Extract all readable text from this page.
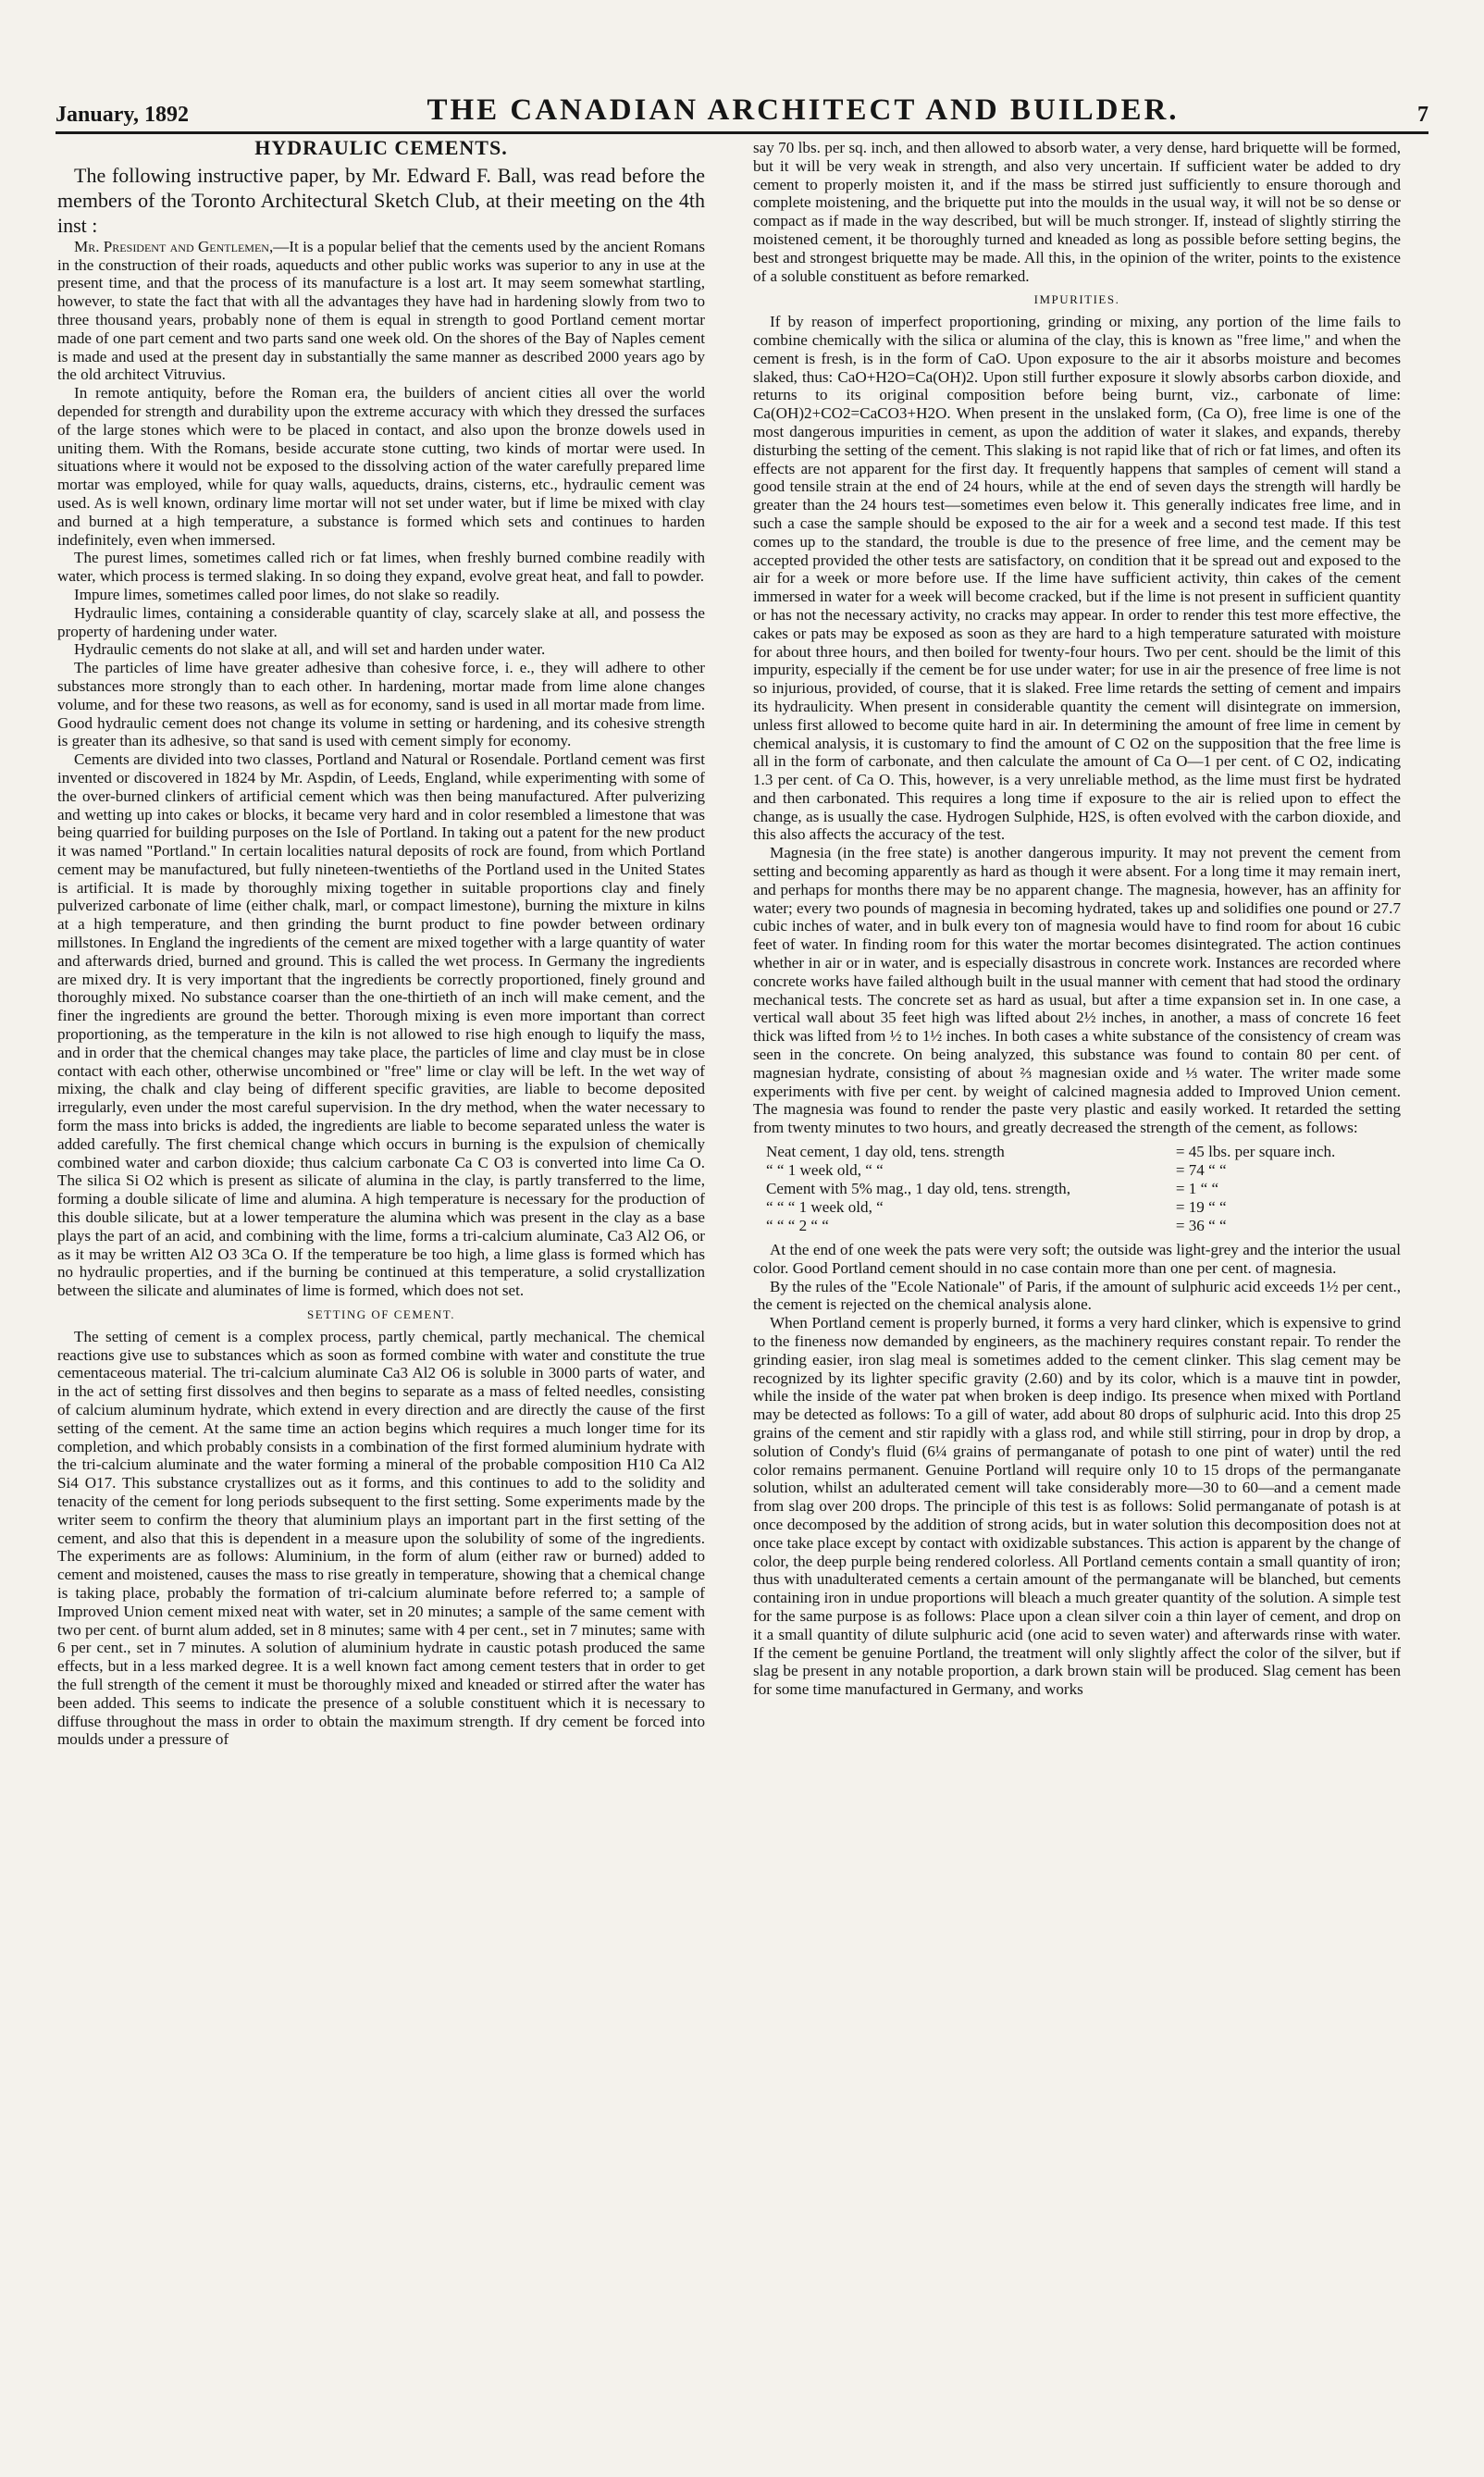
January, 1892	THE CANADIAN ARCHITECT AND BUILDER.	7
HYDRAULIC CEMENTS.

The following instructive paper, by Mr. Edward F. Ball, was read before the members of the Toronto Architectural Sketch Club, at their meeting on the 4th inst :

Mr. President and Gentlemen,—It is a popular belief that the cements used by the ancient Romans in the construction of their roads, aqueducts and other public works was superior to any in use at the present time, and that the process of its manufacture is a lost art. It may seem somewhat startling, however, to state the fact that with all the advantages they have had in hardening slowly from two to three thousand years, probably none of them is equal in strength to good Portland cement mortar made of one part cement and two parts sand one week old. On the shores of the Bay of Naples cement is made and used at the present day in substantially the same manner as described 2000 years ago by the old architect Vitruvius.

In remote antiquity, before the Roman era, the builders of ancient cities all over the world depended for strength and durability upon the extreme accuracy with which they dressed the surfaces of the large stones which were to be placed in contact, and also upon the bronze dowels used in uniting them. With the Romans, beside accurate stone cutting, two kinds of mortar were used. In situations where it would not be exposed to the dissolving action of the water carefully prepared lime mortar was employed, while for quay walls, aqueducts, drains, cisterns, etc., hydraulic cement was used. As is well known, ordinary lime mortar will not set under water, but if lime be mixed with clay and burned at a high temperature, a substance is formed which sets and continues to harden indefinitely, even when immersed.

The purest limes, sometimes called rich or fat limes, when freshly burned combine readily with water, which process is termed slaking. In so doing they expand, evolve great heat, and fall to powder.

Impure limes, sometimes called poor limes, do not slake so readily.

Hydraulic limes, containing a considerable quantity of clay, scarcely slake at all, and possess the property of hardening under water.

Hydraulic cements do not slake at all, and will set and harden under water.

The particles of lime have greater adhesive than cohesive force, i. e., they will adhere to other substances more strongly than to each other. In hardening, mortar made from lime alone changes volume, and for these two reasons, as well as for economy, sand is used in all mortar made from lime. Good hydraulic cement does not change its volume in setting or hardening, and its cohesive strength is greater than its adhesive, so that sand is used with cement simply for economy.

Cements are divided into two classes, Portland and Natural or Rosendale. Portland cement was first invented or discovered in 1824 by Mr. Aspdin, of Leeds, England, while experimenting with some of the over-burned clinkers of artificial cement which was then being manufactured. After pulverizing and wetting up into cakes or blocks, it became very hard and in color resembled a limestone that was being quarried for building purposes on the Isle of Portland. In taking out a patent for the new product it was named "Portland." In certain localities natural deposits of rock are found, from which Portland cement may be manufactured, but fully nineteen-twentieths of the Portland used in the United States is artificial. It is made by thoroughly mixing together in suitable proportions clay and finely pulverized carbonate of lime (either chalk, marl, or compact limestone), burning the mixture in kilns at a high temperature, and then grinding the burnt product to fine powder between ordinary millstones. In England the ingredients of the cement are mixed together with a large quantity of water and afterwards dried, burned and ground. This is called the wet process. In Germany the ingredients are mixed dry. It is very important that the ingredients be correctly proportioned, finely ground and thoroughly mixed. No substance coarser than the one-thirtieth of an inch will make cement, and the finer the ingredients are ground the better. Thorough mixing is even more important than correct proportioning, as the temperature in the kiln is not allowed to rise high enough to liquify the mass, and in order that the chemical changes may take place, the particles of lime and clay must be in close contact with each other, otherwise uncombined or "free" lime or clay will be left. In the wet way of mixing, the chalk and clay being of different specific gravities, are liable to become deposited irregularly, even under the most careful supervision. In the dry method, when the water necessary to form the mass into bricks is added, the ingredients are liable to become separated unless the water is added carefully. The first chemical change which occurs in burning is the expulsion of chemically combined water and carbon dioxide; thus calcium carbonate Ca C O3 is converted into lime Ca O. The silica Si O2 which is present as silicate of alumina in the clay, is partly transferred to the lime, forming a double silicate of lime and alumina. A high temperature is necessary for the production of this double silicate, but at a lower temperature the alumina which was present in the clay as a base plays the part of an acid, and combining with the lime, forms a tri-calcium aluminate, Ca3 Al2 O6, or as it may be written Al2 O3 3Ca O. If the temperature be too high, a lime glass is formed which has no hydraulic properties, and if the burning be continued at this temperature, a solid crystallization between the silicate and aluminates of lime is formed, which does not set.

SETTING OF CEMENT.

The setting of cement is a complex process, partly chemical, partly mechanical. The chemical reactions give use to substances which as soon as formed combine with water and constitute the true cementaceous material. The tri-calcium aluminate Ca3 Al2 O6 is soluble in 3000 parts of water, and in the act of setting first dissolves and then begins to separate as a mass of felted needles, consisting of calcium aluminum hydrate, which extend in every direction and are directly the cause of the first setting of the cement. At the same time an action begins which requires a much longer time for its completion, and which probably consists in a combination of the first formed aluminium hydrate with the tri-calcium aluminate and the water forming a mineral of the probable composition H10 Ca Al2 Si4 O17. This substance crystallizes out as it forms, and this continues to add to the solidity and tenacity of the cement for long periods subsequent to the first setting. Some experiments made by the writer seem to confirm the theory that aluminium plays an important part in the first setting of the cement, and also that this is dependent in a measure upon the solubility of some of the ingredients. The experiments are as follows: Aluminium, in the form of alum (either raw or burned) added to cement and moistened, causes the mass to rise greatly in temperature, showing that a chemical change is taking place, probably the formation of tri-calcium aluminate before referred to; a sample of Improved Union cement mixed neat with water, set in 20 minutes; a sample of the same cement with two per cent. of burnt alum added, set in 8 minutes; same with 4 per cent., set in 7 minutes; same with 6 per cent., set in 7 minutes. A solution of aluminium hydrate in caustic potash produced the same effects, but in a less marked degree. It is a well known fact among cement testers that in order to get the full strength of the cement it must be thoroughly mixed and kneaded or stirred after the water has been added. This seems to indicate the presence of a soluble constituent which it is necessary to diffuse throughout the mass in order to obtain the maximum strength. If dry cement be forced into moulds under a pressure of

say 70 lbs. per sq. inch, and then allowed to absorb water, a very dense, hard briquette will be formed, but it will be very weak in strength, and also very uncertain. If sufficient water be added to dry cement to properly moisten it, and if the mass be stirred just sufficiently to ensure thorough and complete moistening, and the briquette put into the moulds in the usual way, it will not be so dense or compact as if made in the way described, but will be much stronger. If, instead of slightly stirring the moistened cement, it be thoroughly turned and kneaded as long as possible before setting begins, the best and strongest briquette may be made. All this, in the opinion of the writer, points to the existence of a soluble constituent as before remarked.

IMPURITIES.

If by reason of imperfect proportioning, grinding or mixing, any portion of the lime fails to combine chemically with the silica or alumina of the clay, this is known as "free lime," and when the cement is fresh, is in the form of CaO. Upon exposure to the air it absorbs moisture and becomes slaked, thus: CaO+H2O=Ca(OH)2. Upon still further exposure it slowly absorbs carbon dioxide, and returns to its original composition before being burnt, viz., carbonate of lime: Ca(OH)2+CO2=CaCO3+H2O. When present in the unslaked form, (Ca O), free lime is one of the most dangerous impurities in cement, as upon the addition of water it slakes, and expands, thereby disturbing the setting of the cement. This slaking is not rapid like that of rich or fat limes, and often its effects are not apparent for the first day. It frequently happens that samples of cement will stand a good tensile strain at the end of 24 hours, while at the end of seven days the strength will hardly be greater than the 24 hours test—sometimes even below it. This generally indicates free lime, and in such a case the sample should be exposed to the air for a week and a second test made. If this test comes up to the standard, the trouble is due to the presence of free lime, and the cement may be accepted provided the other tests are satisfactory, on condition that it be spread out and exposed to the air for a week or more before use. If the lime have sufficient activity, thin cakes of the cement immersed in water for a week will become cracked, but if the lime is not present in sufficient quantity or has not the necessary activity, no cracks may appear. In order to render this test more effective, the cakes or pats may be exposed as soon as they are hard to a high temperature saturated with moisture for about three hours, and then boiled for twenty-four hours. Two per cent. should be the limit of this impurity, especially if the cement be for use under water; for use in air the presence of free lime is not so injurious, provided, of course, that it is slaked. Free lime retards the setting of cement and impairs its hydraulicity. When present in considerable quantity the cement will disintegrate on immersion, unless first allowed to become quite hard in air. In determining the amount of free lime in cement by chemical analysis, it is customary to find the amount of C O2 on the supposition that the free lime is all in the form of carbonate, and then calculate the amount of Ca O—1 per cent. of C O2, indicating 1.3 per cent. of Ca O. This, however, is a very unreliable method, as the lime must first be hydrated and then carbonated. This requires a long time if exposure to the air is relied upon to effect the change, as is usually the case. Hydrogen Sulphide, H2S, is often evolved with the carbon dioxide, and this also affects the accuracy of the test.

Magnesia (in the free state) is another dangerous impurity. It may not prevent the cement from setting and becoming apparently as hard as though it were absent. For a long time it may remain inert, and perhaps for months there may be no apparent change. The magnesia, however, has an affinity for water; every two pounds of magnesia in becoming hydrated, takes up and solidifies one pound or 27.7 cubic inches of water, and in bulk every ton of magnesia would have to find room for about 16 cubic feet of water. In finding room for this water the mortar becomes disintegrated. The action continues whether in air or in water, and is especially disastrous in concrete work. Instances are recorded where concrete works have failed although built in the usual manner with cement that had stood the ordinary mechanical tests. The concrete set as hard as usual, but after a time expansion set in. In one case, a vertical wall about 35 feet high was lifted about 2½ inches, in another, a mass of concrete 16 feet thick was lifted from ½ to 1½ inches. In both cases a white substance of the consistency of cream was seen in the concrete. On being analyzed, this substance was found to contain 80 per cent. of magnesian hydrate, consisting of about ⅔ magnesian oxide and ⅓ water. The writer made some experiments with five per cent. by weight of calcined magnesia added to Improved Union cement. The magnesia was found to render the paste very plastic and easily worked. It retarded the setting from twenty minutes to two hours, and greatly decreased the strength of the cement, as follows:

Neat cement, 1 day old, tens. strength	= 45 lbs. per square inch.
“ “ 1 week old, “ “	= 74 “ “
Cement with 5% mag., 1 day old, tens. strength,	= 1 “ “
“ “ “ 1 week old, “	= 19 “ “
“ “ “ 2 “ “	= 36 “ “

At the end of one week the pats were very soft; the outside was light-grey and the interior the usual color. Good Portland cement should in no case contain more than one per cent. of magnesia.

By the rules of the "Ecole Nationale" of Paris, if the amount of sulphuric acid exceeds 1½ per cent., the cement is rejected on the chemical analysis alone.

When Portland cement is properly burned, it forms a very hard clinker, which is expensive to grind to the fineness now demanded by engineers, as the machinery requires constant repair. To render the grinding easier, iron slag meal is sometimes added to the cement clinker. This slag cement may be recognized by its lighter specific gravity (2.60) and by its color, which is a mauve tint in powder, while the inside of the water pat when broken is deep indigo. Its presence when mixed with Portland may be detected as follows: To a gill of water, add about 80 drops of sulphuric acid. Into this drop 25 grains of the cement and stir rapidly with a glass rod, and while still stirring, pour in drop by drop, a solution of Condy's fluid (6¼ grains of permanganate of potash to one pint of water) until the red color remains permanent. Genuine Portland will require only 10 to 15 drops of the permanganate solution, whilst an adulterated cement will take considerably more—30 to 60—and a cement made from slag over 200 drops. The principle of this test is as follows: Solid permanganate of potash is at once decomposed by the addition of strong acids, but in water solution this decomposition does not at once take place except by contact with oxidizable substances. This action is apparent by the change of color, the deep purple being rendered colorless. All Portland cements contain a small quantity of iron; thus with unadulterated cements a certain amount of the permanganate will be blanched, but cements containing iron in undue proportions will bleach a much greater quantity of the solution. A simple test for the same purpose is as follows: Place upon a clean silver coin a thin layer of cement, and drop on it a small quantity of dilute sulphuric acid (one acid to seven water) and afterwards rinse with water. If the cement be genuine Portland, the treatment will only slightly affect the color of the silver, but if slag be present in any notable proportion, a dark brown stain will be produced. Slag cement has been for some time manufactured in Germany, and works
